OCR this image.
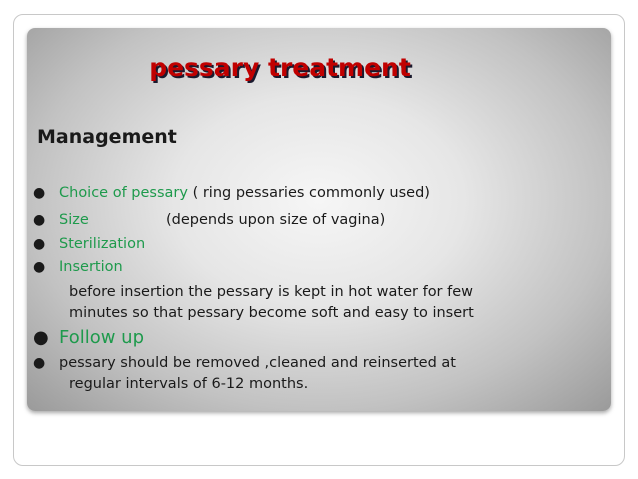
pessary treatment
Management
● Choice of pessary ( ring pessaries commonly used)
● Size	(depends upon size of vagina)
● Sterilization
● Insertion
before insertion the pessary is kept in hot water for few
minutes so that pessary become soft and easy to insert
● Follow up
● pessary should be removed ,cleaned and reinserted at
regular intervals of 6-12 months.
